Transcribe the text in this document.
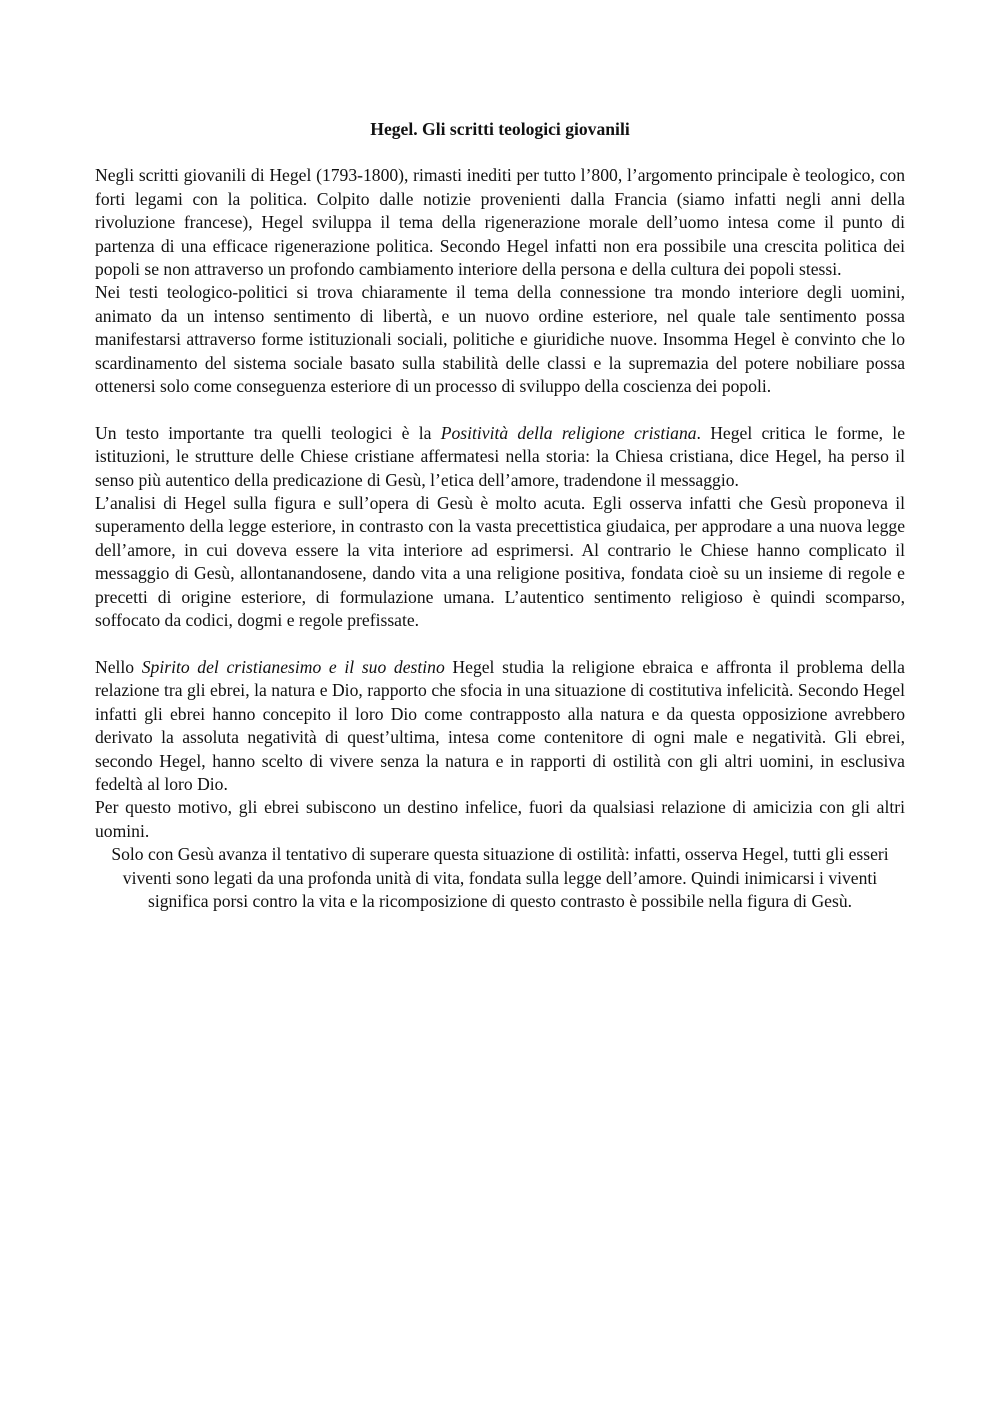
Hegel. Gli scritti teologici giovanili

Negli scritti giovanili di Hegel (1793-1800), rimasti inediti per tutto l’800, l’argomento principale è teologico, con forti legami con la politica. Colpito dalle notizie provenienti dalla Francia (siamo infatti negli anni della rivoluzione francese), Hegel sviluppa il tema della rigenerazione morale dell’uomo intesa come il punto di partenza di una efficace rigenerazione politica. Secondo Hegel infatti non era possibile una crescita politica dei popoli se non attraverso un profondo cambiamento interiore della persona e della cultura dei popoli stessi.

Nei testi teologico-politici si trova chiaramente il tema della connessione tra mondo interiore degli uomini, animato da un intenso sentimento di libertà, e un nuovo ordine esteriore, nel quale tale sentimento possa manifestarsi attraverso forme istituzionali sociali, politiche e giuridiche nuove. Insomma Hegel è convinto che lo scardinamento del sistema sociale basato sulla stabilità delle classi e la supremazia del potere nobiliare possa ottenersi solo come conseguenza esteriore di un processo di sviluppo della coscienza dei popoli.

Un testo importante tra quelli teologici è la Positività della religione cristiana. Hegel critica le forme, le istituzioni, le strutture delle Chiese cristiane affermatesi nella storia: la Chiesa cristiana, dice Hegel, ha perso il senso più autentico della predicazione di Gesù, l’etica dell’amore, tradendone il messaggio.

L’analisi di Hegel sulla figura e sull’opera di Gesù è molto acuta. Egli osserva infatti che Gesù proponeva il superamento della legge esteriore, in contrasto con la vasta precettistica giudaica, per approdare a una nuova legge dell’amore, in cui doveva essere la vita interiore ad esprimersi. Al contrario le Chiese hanno complicato il messaggio di Gesù, allontanandosene, dando vita a una religione positiva, fondata cioè su un insieme di regole e precetti di origine esteriore, di formulazione umana. L’autentico sentimento religioso è quindi scomparso, soffocato da codici, dogmi e regole prefissate.

Nello Spirito del cristianesimo e il suo destino Hegel studia la religione ebraica e affronta il problema della relazione tra gli ebrei, la natura e Dio, rapporto che sfocia in una situazione di costitutiva infelicità. Secondo Hegel infatti gli ebrei hanno concepito il loro Dio come contrapposto alla natura e da questa opposizione avrebbero derivato la assoluta negatività di quest’ultima, intesa come contenitore di ogni male e negatività. Gli ebrei, secondo Hegel, hanno scelto di vivere senza la natura e in rapporti di ostilità con gli altri uomini, in esclusiva fedeltà al loro Dio.

Per questo motivo, gli ebrei subiscono un destino infelice, fuori da qualsiasi relazione di amicizia con gli altri uomini.

Solo con Gesù avanza il tentativo di superare questa situazione di ostilità: infatti, osserva Hegel, tutti gli esseri viventi sono legati da una profonda unità di vita, fondata sulla legge dell’amore. Quindi inimicarsi i viventi significa porsi contro la vita e la ricomposizione di questo contrasto è possibile nella figura di Gesù.
